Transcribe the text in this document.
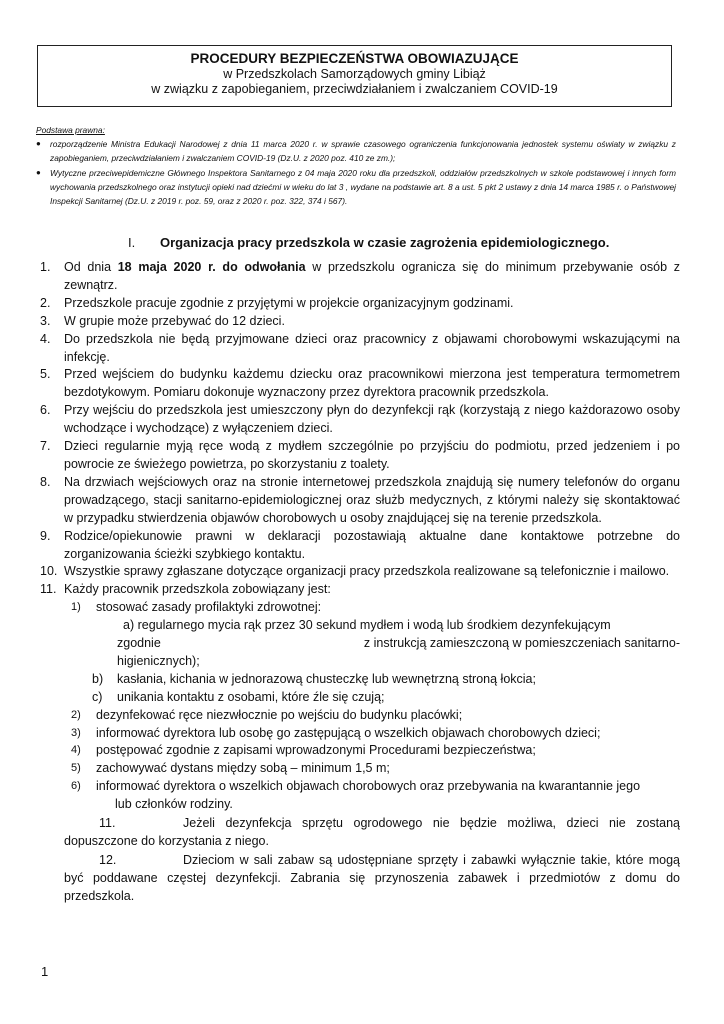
PROCEDURY BEZPIECZEŃSTWA OBOWIAZUJĄCE
w Przedszkolach Samorządowych gminy Libiąż
w związku z zapobieganiem, przeciwdziałaniem i zwalczaniem COVID-19
Podstawa prawna:
● rozporządzenie Ministra Edukacji Narodowej z dnia 11 marca 2020 r. w sprawie czasowego ograniczenia funkcjonowania jednostek systemu oświaty w związku z zapobieganiem, przeciwdziałaniem i zwalczaniem COVID-19 (Dz.U. z 2020 poz. 410 ze zm.);
● Wytyczne przeciwepidemiczne Głównego Inspektora Sanitarnego z 04 maja 2020 roku dla przedszkoli, oddziałów przedszkolnych w szkole podstawowej i innych form wychowania przedszkolnego oraz instytucji opieki nad dziećmi w wieku do lat 3 , wydane na podstawie art. 8 a ust. 5 pkt 2 ustawy z dnia 14 marca 1985 r. o Państwowej Inspekcji Sanitarnej (Dz.U. z 2019 r. poz. 59, oraz z 2020 r. poz. 322, 374 i 567).
I. Organizacja pracy przedszkola w czasie zagrożenia epidemiologicznego.
1. Od dnia 18 maja 2020 r. do odwołania w przedszkolu ogranicza się do minimum przebywanie osób z zewnątrz.
2. Przedszkole pracuje zgodnie z przyjętymi w projekcie organizacyjnym godzinami.
3. W grupie może przebywać do 12 dzieci.
4. Do przedszkola nie będą przyjmowane dzieci oraz pracownicy z objawami chorobowymi wskazującymi na infekcję.
5. Przed wejściem do budynku każdemu dziecku oraz pracownikowi mierzona jest temperatura termometrem bezdotykowym. Pomiaru dokonuje wyznaczony przez dyrektora pracownik przedszkola.
6. Przy wejściu do przedszkola jest umieszczony płyn do dezynfekcji rąk (korzystają z niego każdorazowo osoby wchodzące i wychodzące) z wyłączeniem dzieci.
7. Dzieci regularnie myją ręce wodą z mydłem szczególnie po przyjściu do podmiotu, przed jedzeniem i po powrocie ze świeżego powietrza, po skorzystaniu z toalety.
8. Na drzwiach wejściowych oraz na stronie internetowej przedszkola znajdują się numery telefonów do organu prowadzącego, stacji sanitarno-epidemiologicznej oraz służb medycznych, z którymi należy się skontaktować w przypadku stwierdzenia objawów chorobowych u osoby znajdującej się na terenie przedszkola.
9. Rodzice/opiekunowie prawni w deklaracji pozostawiają aktualne dane kontaktowe potrzebne do zorganizowania ścieżki szybkiego kontaktu.
10. Wszystkie sprawy zgłaszane dotyczące organizacji pracy przedszkola realizowane są telefonicznie i mailowo.
11. Każdy pracownik przedszkola zobowiązany jest:
1) stosować zasady profilaktyki zdrowotnej:
a) regularnego mycia rąk przez 30 sekund mydłem i wodą lub środkiem dezynfekującym
zgodnie	z instrukcją zamieszczoną w pomieszczeniach sanitarno-
higienicznych);
b) kasłania, kichania w jednorazową chusteczkę lub wewnętrzną stroną łokcia;
c) unikania kontaktu z osobami, które źle się czują;
2) dezynfekować ręce niezwłocznie po wejściu do budynku placówki;
3) informować dyrektora lub osobę go zastępującą o wszelkich objawach chorobowych dzieci;
4) postępować zgodnie z zapisami wprowadzonymi Procedurami bezpieczeństwa;
5) zachowywać dystans między sobą – minimum 1,5 m;
6) informować dyrektora o wszelkich objawach chorobowych oraz przebywania na kwarantannie jego
lub członków rodziny.
11.	Jeżeli dezynfekcja sprzętu ogrodowego nie będzie możliwa, dzieci nie zostaną dopuszczone do korzystania z niego.
12.	Dzieciom w sali zabaw są udostępniane sprzęty i zabawki wyłącznie takie, które mogą być poddawane częstej dezynfekcji. Zabrania się przynoszenia zabawek i przedmiotów z domu do przedszkola.
1
